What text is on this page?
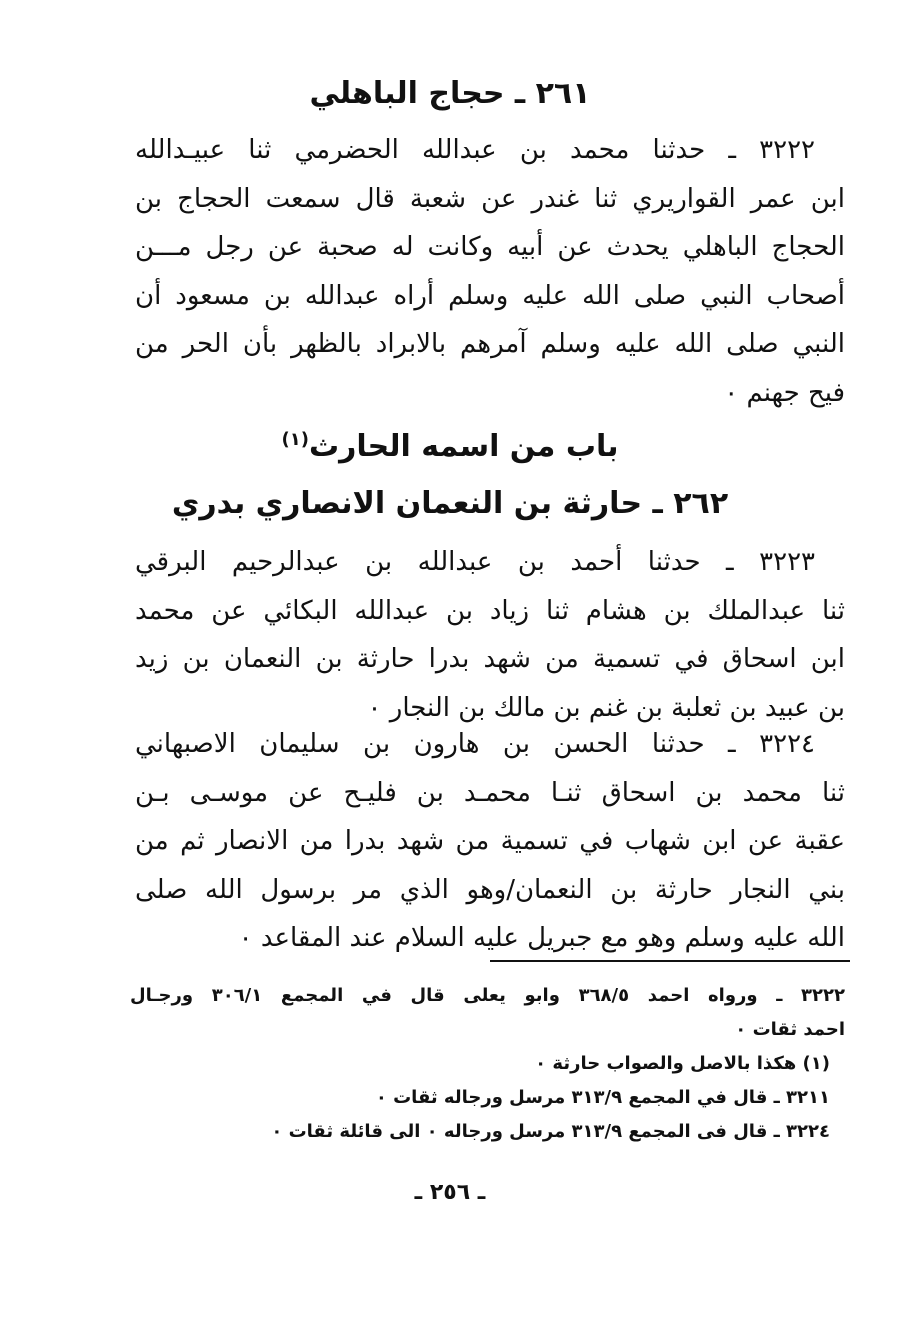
٢٦١ ـ حجاج الباهلي
٣٢٢٢ ـ حدثنا محمد بن عبدالله الحضرمي ثنا عبيـدالله
ابن عمر القواريري ثنا غندر عن شعبة قال سمعت الحجاج بن
الحجاج الباهلي يحدث عن أبيه وكانت له صحبة عن رجل مـــن
أصحاب النبي صلى الله عليه وسلم أراه عبدالله بن مسعود أن
النبي صلى الله عليه وسلم آمرهم بالابراد بالظهر بأن الحر من
فيح جهنم ٠
باب من اسمه الحارث$^{(١)}$
٢٦٢ ـ حارثة بن النعمان الانصاري بدري
٣٢٢٣ ـ حدثنا أحمد بن عبدالله بن عبدالرحيم البرقي
ثنا عبدالملك بن هشام ثنا زياد بن عبدالله البكائي عن محمد
ابن اسحاق في تسمية من شهد بدرا حارثة بن النعمان بن زيد
بن عبيد بن ثعلبة بن غنم بن مالك بن النجار ٠
٣٢٢٤ ـ حدثنا الحسن بن هارون بن سليمان الاصبهاني
ثنا محمد بن اسحاق ثنـا محمـد بن فليـح عن موسـى بـن
عقبة عن ابن شهاب في تسمية من شهد بدرا من الانصار ثم من
بني النجار حارثة بن النعمان/وهو الذي مر برسول الله صلى
الله عليه وسلم وهو مع جبريل عليه السلام عند المقاعد ٠
٣٢٢٢ ـ ورواه احمد ٣٦٨/٥ وابو يعلى قال في المجمع ٣٠٦/١ ورجـال
احمد ثقات ٠
(١) هكذا بالاصل والصواب حارثة ٠
٣٢١١ ـ قال في المجمع ٣١٣/٩ مرسل ورجاله ثقات ٠
٣٢٢٤ ـ قال فى المجمع ٣١٣/٩ مرسل ورجاله ٠ الى قائلة ثقات ٠
ـ ٢٥٦ ـ
